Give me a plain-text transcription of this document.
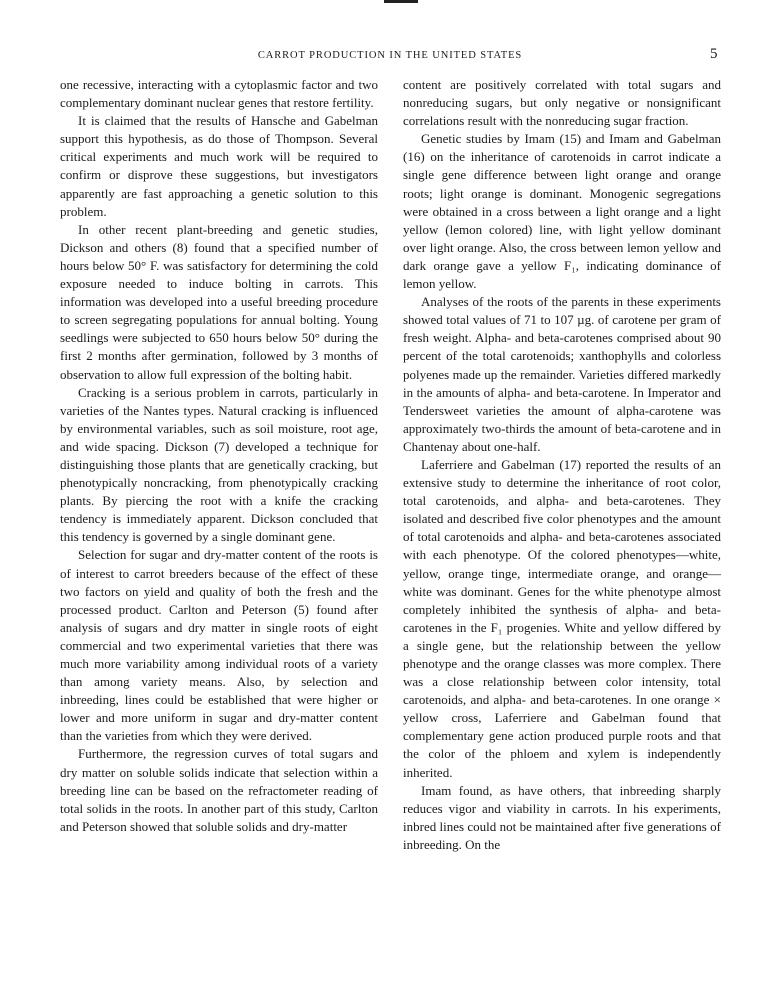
CARROT PRODUCTION IN THE UNITED STATES	5

one recessive, interacting with a cytoplasmic factor and two complementary dominant nuclear genes that restore fertility.

It is claimed that the results of Hansche and Gabelman support this hypothesis, as do those of Thompson. Several critical experiments and much work will be required to confirm or disprove these suggestions, but investigators apparently are fast approaching a genetic solution to this problem.

In other recent plant-breeding and genetic studies, Dickson and others (8) found that a specified number of hours below 50° F. was satisfactory for determining the cold exposure needed to induce bolting in carrots. This information was developed into a useful breeding procedure to screen segregating populations for annual bolting. Young seedlings were subjected to 650 hours below 50° during the first 2 months after germination, followed by 3 months of observation to allow full expression of the bolting habit.

Cracking is a serious problem in carrots, particularly in varieties of the Nantes types. Natural cracking is influenced by environmental variables, such as soil moisture, root age, and wide spacing. Dickson (7) developed a technique for distinguishing those plants that are genetically cracking, but phenotypically noncracking, from phenotypically cracking plants. By piercing the root with a knife the cracking tendency is immediately apparent. Dickson concluded that this tendency is governed by a single dominant gene.

Selection for sugar and dry-matter content of the roots is of interest to carrot breeders because of the effect of these two factors on yield and quality of both the fresh and the processed product. Carlton and Peterson (5) found after analysis of sugars and dry matter in single roots of eight commercial and two experimental varieties that there was much more variability among individual roots of a variety than among variety means. Also, by selection and inbreeding, lines could be established that were higher or lower and more uniform in sugar and dry-matter content than the varieties from which they were derived.

Furthermore, the regression curves of total sugars and dry matter on soluble solids indicate that selection within a breeding line can be based on the refractometer reading of total solids in the roots. In another part of this study, Carlton and Peterson showed that soluble solids and dry-matter

content are positively correlated with total sugars and nonreducing sugars, but only negative or nonsignificant correlations result with the nonreducing sugar fraction.

Genetic studies by Imam (15) and Imam and Gabelman (16) on the inheritance of carotenoids in carrot indicate a single gene difference between light orange and orange roots; light orange is dominant. Monogenic segregations were obtained in a cross between a light orange and a light yellow (lemon colored) line, with light yellow dominant over light orange. Also, the cross between lemon yellow and dark orange gave a yellow F₁, indicating dominance of lemon yellow.

Analyses of the roots of the parents in these experiments showed total values of 71 to 107 µg. of carotene per gram of fresh weight. Alpha- and beta-carotenes comprised about 90 percent of the total carotenoids; xanthophylls and colorless polyenes made up the remainder. Varieties differed markedly in the amounts of alpha- and beta-carotene. In Imperator and Tendersweet varieties the amount of alpha-carotene was approximately two-thirds the amount of beta-carotene and in Chantenay about one-half.

Laferriere and Gabelman (17) reported the results of an extensive study to determine the inheritance of root color, total carotenoids, and alpha- and beta-carotenes. They isolated and described five color phenotypes and the amount of total carotenoids and alpha- and beta-carotenes associated with each phenotype. Of the colored phenotypes—white, yellow, orange tinge, intermediate orange, and orange—white was dominant. Genes for the white phenotype almost completely inhibited the synthesis of alpha- and beta-carotenes in the F₁ progenies. White and yellow differed by a single gene, but the relationship between the yellow phenotype and the orange classes was more complex. There was a close relationship between color intensity, total carotenoids, and alpha- and beta-carotenes. In one orange × yellow cross, Laferriere and Gabelman found that complementary gene action produced purple roots and that the color of the phloem and xylem is independently inherited.

Imam found, as have others, that inbreeding sharply reduces vigor and viability in carrots. In his experiments, inbred lines could not be maintained after five generations of inbreeding. On the
